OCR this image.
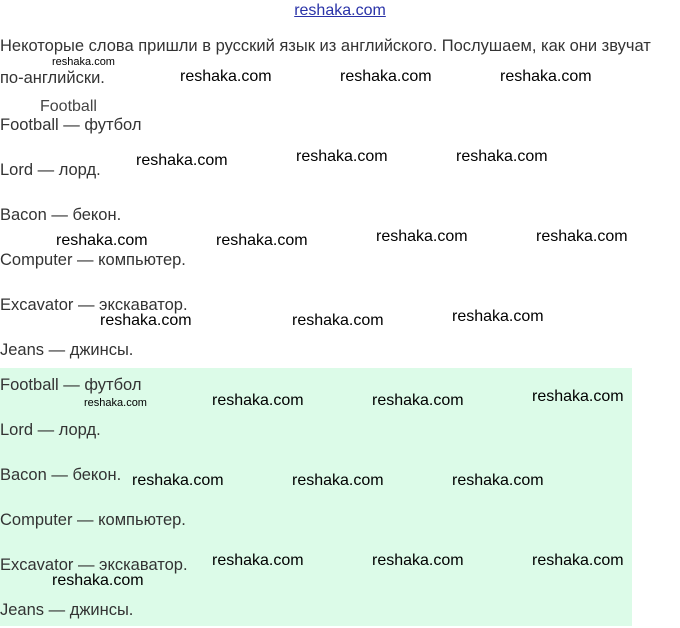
reshaka.com
Некоторые слова пришли в русский язык из английского. Послушаем, как они звучат по-английски.
Football
Football — футбол
Lord — лорд.
Bacon — бекон.
Computer — компьютер.
Excavator — экскаватор.
Jeans — джинсы.
Football — футбол
Lord — лорд.
Bacon — бекон.
Computer — компьютер.
Excavator — экскаватор.
Jeans — джинсы.
reshaka.com
reshaka.com	reshaka.com	reshaka.com
reshaka.com	reshaka.com	reshaka.com
reshaka.com	reshaka.com	reshaka.com	reshaka.com
reshaka.com	reshaka.com	reshaka.com
reshaka.com	reshaka.com	reshaka.com	reshaka.com
reshaka.com	reshaka.com	reshaka.com
reshaka.com	reshaka.com	reshaka.com
reshaka.com
